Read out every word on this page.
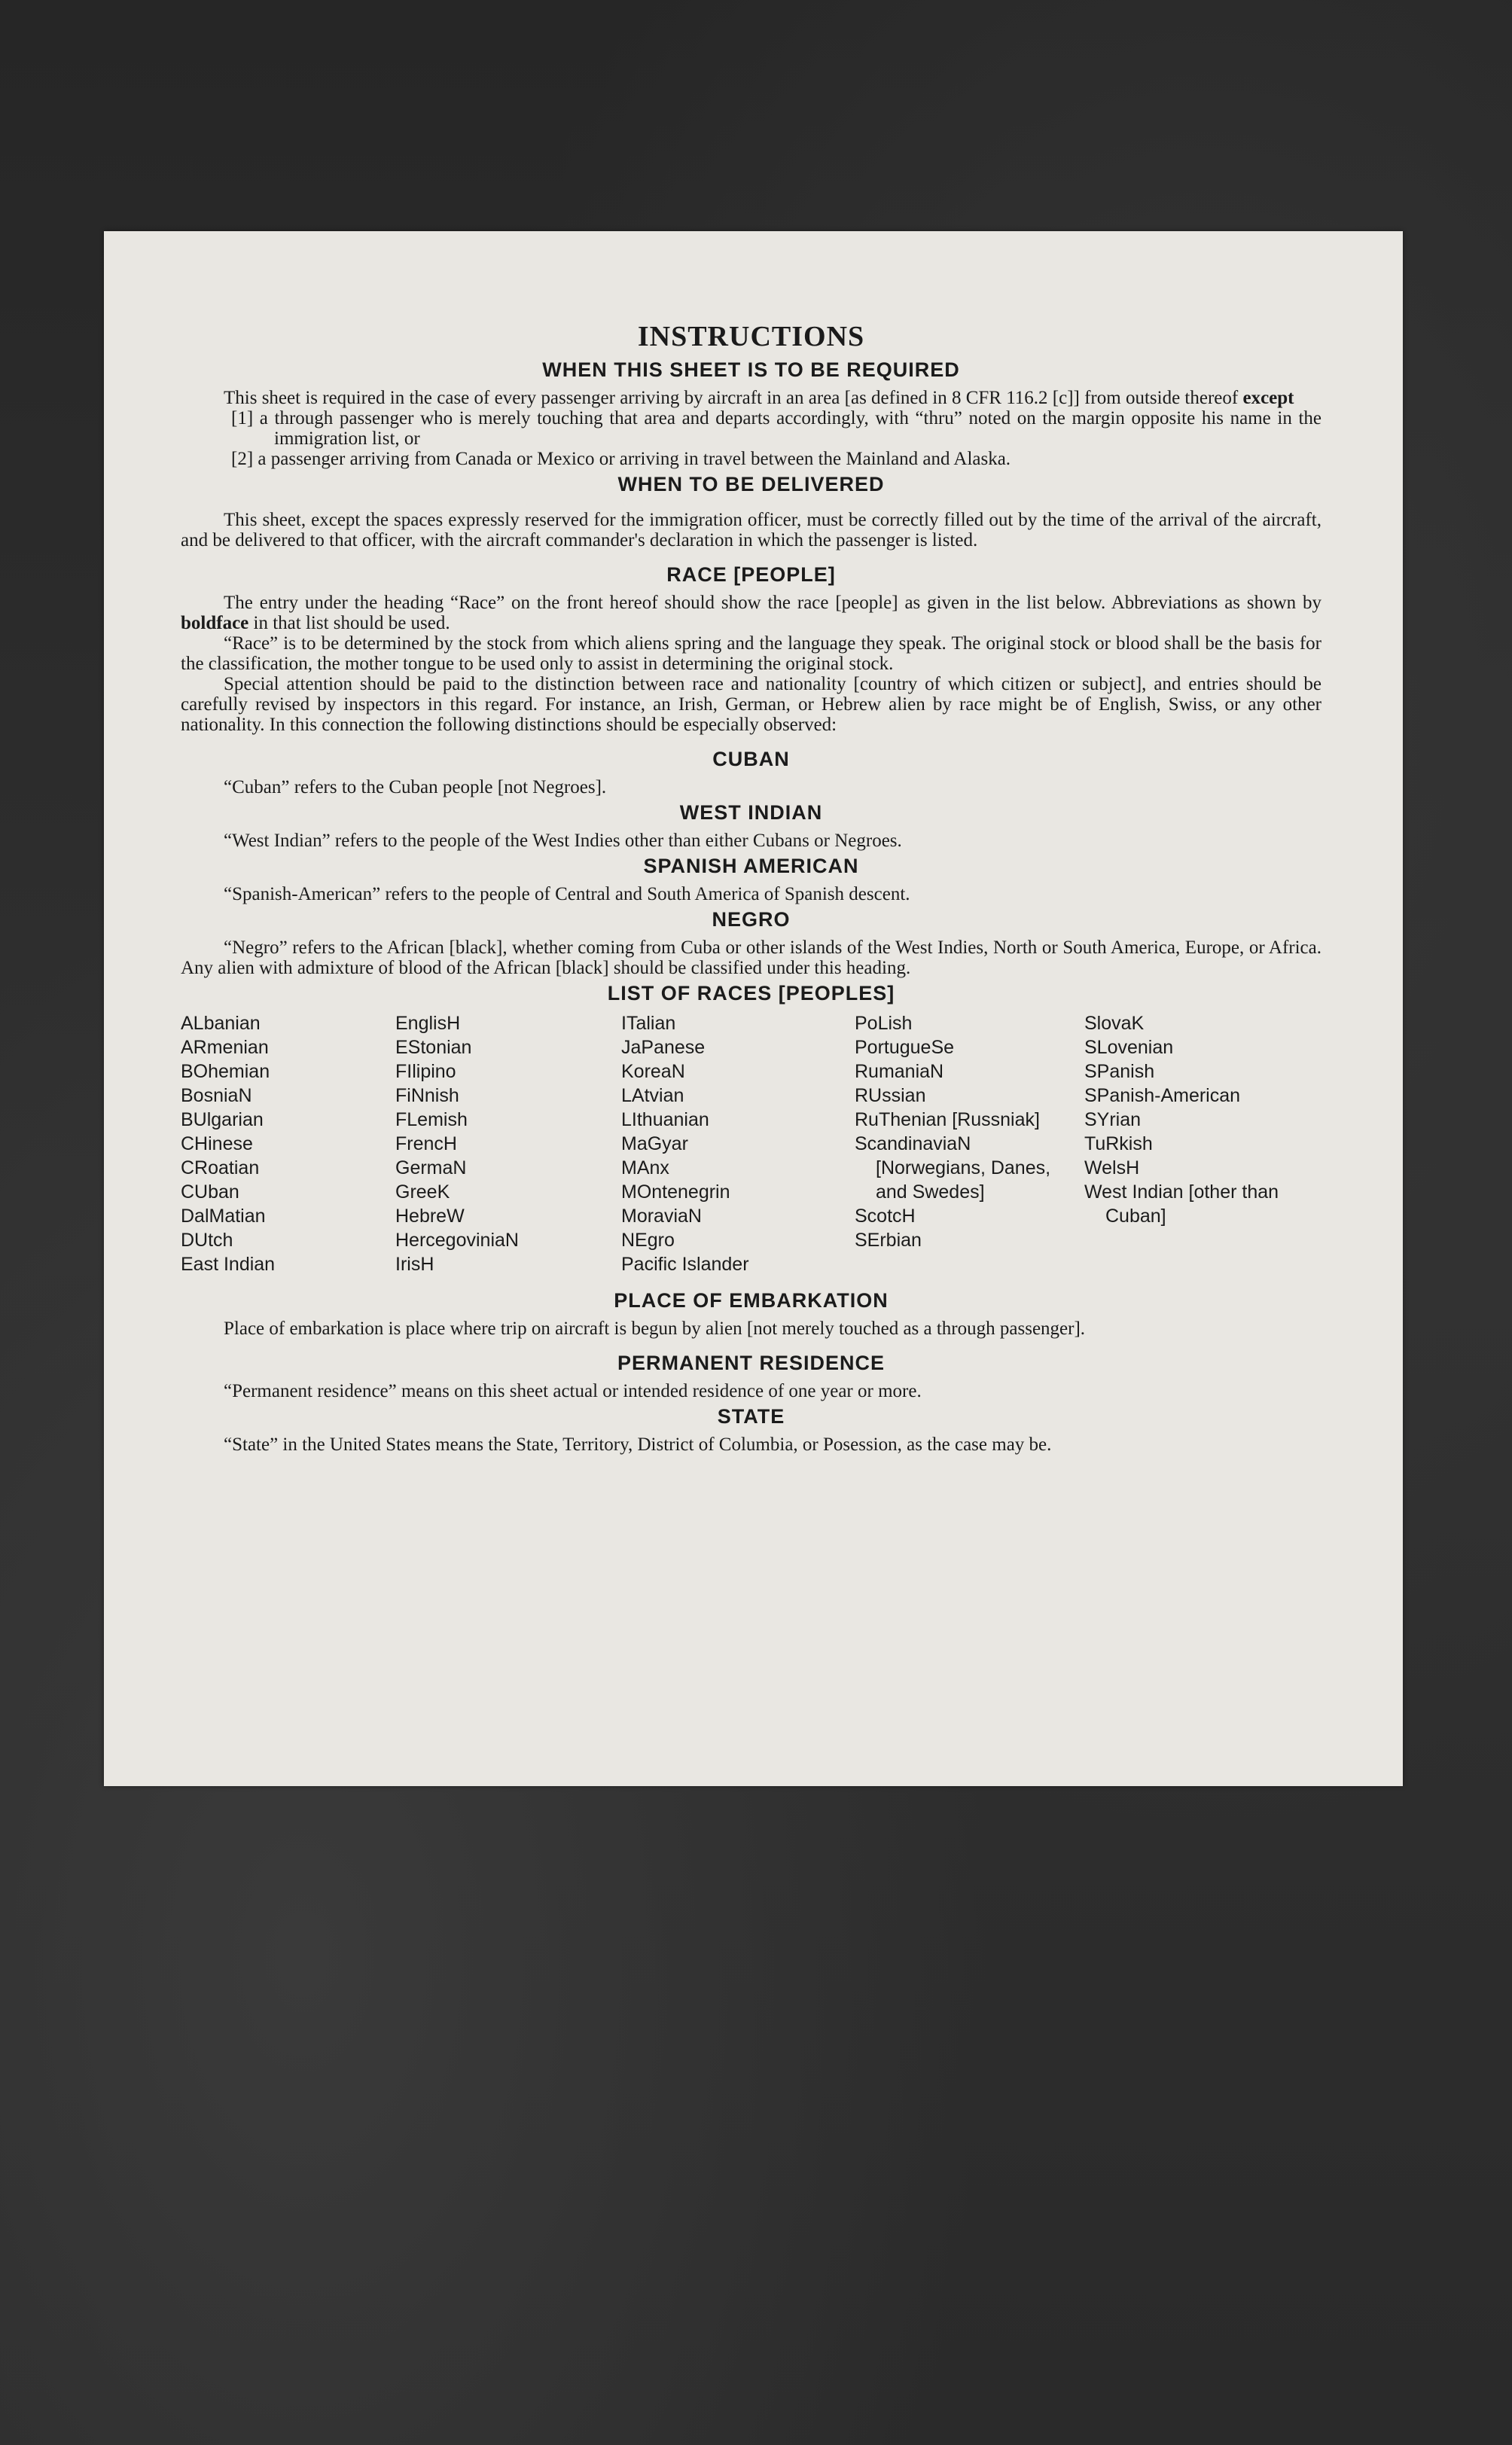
INSTRUCTIONS
WHEN THIS SHEET IS TO BE REQUIRED

This sheet is required in the case of every passenger arriving by aircraft in an area [as defined in 8 CFR 116.2 [c]] from outside thereof except

[1] a through passenger who is merely touching that area and departs accordingly, with “thru” noted on the margin opposite his name in the immigration list, or

[2] a passenger arriving from Canada or Mexico or arriving in travel between the Mainland and Alaska.

WHEN TO BE DELIVERED

This sheet, except the spaces expressly reserved for the immigration officer, must be correctly filled out by the time of the arrival of the aircraft, and be delivered to that officer, with the aircraft commander's declaration in which the passenger is listed.

RACE [PEOPLE]

The entry under the heading “Race” on the front hereof should show the race [people] as given in the list below. Abbreviations as shown by boldface in that list should be used.

“Race” is to be determined by the stock from which aliens spring and the language they speak. The original stock or blood shall be the basis for the classification, the mother tongue to be used only to assist in determining the original stock.

Special attention should be paid to the distinction between race and nationality [country of which citizen or subject], and entries should be carefully revised by inspectors in this regard. For instance, an Irish, German, or Hebrew alien by race might be of English, Swiss, or any other nationality. In this connection the following distinctions should be especially observed:

CUBAN

“Cuban” refers to the Cuban people [not Negroes].

WEST INDIAN

“West Indian” refers to the people of the West Indies other than either Cubans or Negroes.

SPANISH AMERICAN

“Spanish-American” refers to the people of Central and South America of Spanish descent.

NEGRO

“Negro” refers to the African [black], whether coming from Cuba or other islands of the West Indies, North or South America, Europe, or Africa. Any alien with admixture of blood of the African [black] should be classified under this heading.

LIST OF RACES [PEOPLES]
ALbanian
ARmenian
BOhemian
BosniaN
BUlgarian
CHinese
CRoatian
CUban
DalMatian
DUtch
East Indian
EnglisH
EStonian
FIlipino
FiNnish
FLemish
FrencH
GermaN
GreeK
HebreW
HercegoviniaN
IrisH
ITalian
JaPanese
KoreaN
LAtvian
LIthuanian
MaGyar
MAnx
MOntenegrin
MoraviaN
NEgro
Pacific Islander
PoLish
PortugueSe
RumaniaN
RUssian
RuThenian [Russniak]
ScandinaviaN [Norwegians, Danes, and Swedes]
ScotcH
SErbian
SlovaK
SLovenian
SPanish
SPanish-American
SYrian
TuRkish
WelsH
West Indian [other than Cuban]
PLACE OF EMBARKATION

Place of embarkation is place where trip on aircraft is begun by alien [not merely touched as a through passenger].

PERMANENT RESIDENCE

“Permanent residence” means on this sheet actual or intended residence of one year or more.

STATE

“State” in the United States means the State, Territory, District of Columbia, or Posession, as the case may be.
